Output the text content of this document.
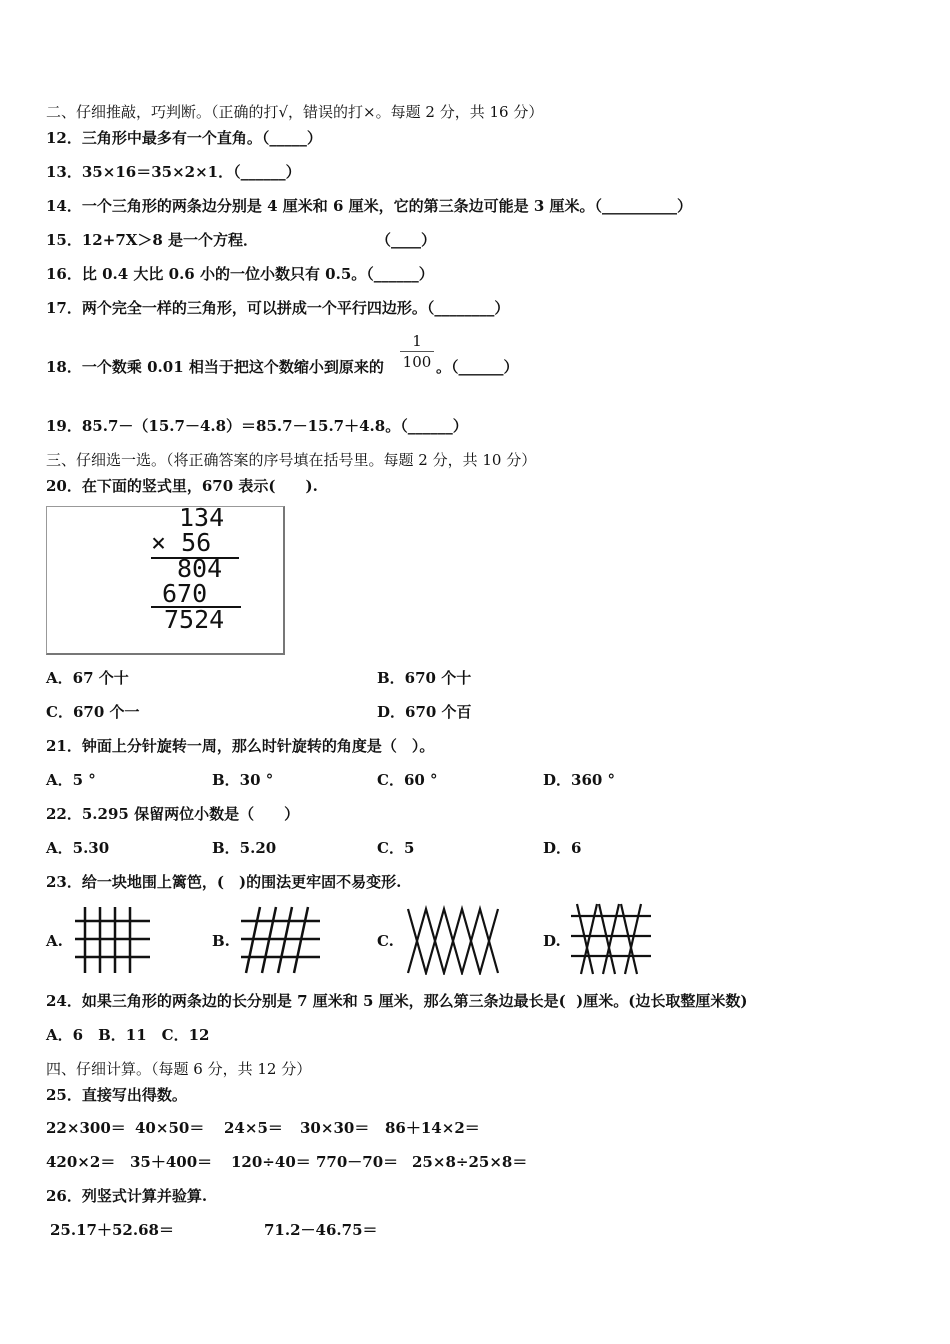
二、仔细推敲，巧判断。（正确的打√，错误的打×。每题 2 分，共 16 分）
12．三角形中最多有一个直角。（_____）
13．35×16＝35×2×1．（______）
14．一个三角形的两条边分别是 4 厘米和 6 厘米，它的第三条边可能是 3 厘米。（__________）
15．12+7X＞8 是一个方程．	（____）
16．比 0.4 大比 0.6 小的一位小数只有 0.5。（______）
17．两个完全一样的三角形，可以拼成一个平行四边形。（________）
18．一个数乘 0.01 相当于把这个数缩小到原来的
1
100 。（______）
19．85.7－（15.7－4.8）＝85.7－15.7＋4.8。（______）
三、仔细选一选。（将正确答案的序号填在括号里。每题 2 分，共 10 分）
20．在下面的竖式里，670 表示(　　).
134
× 56
804
670
7524
A．67 个十	B．670 个十
C．670 个一	D．670 个百
21．钟面上分针旋转一周，那么时针旋转的角度是（　）。
A．5 °	B．30 °	C．60 °	D．360 °
22．5.295 保留两位小数是（　　）
A．5.30	B．5.20	C．5	D．6
23．给一块地围上篱笆，(　)的围法更牢固不易变形.
A.	B.	C.	D.
24．如果三角形的两条边的长分别是 7 厘米和 5 厘米，那么第三条边最长是(  )厘米。(边长取整厘米数)
A．6　B．11　C．12
四、仔细计算。（每题 6 分，共 12 分）
25．直接写出得数。
22×300＝ 40×50＝ 24×5＝ 30×30＝ 86＋14×2＝
420×2＝ 35＋400＝ 120÷40＝ 770－70＝ 25×8÷25×8＝
26．列竖式计算并验算.
25.17＋52.68＝	71.2－46.75＝
